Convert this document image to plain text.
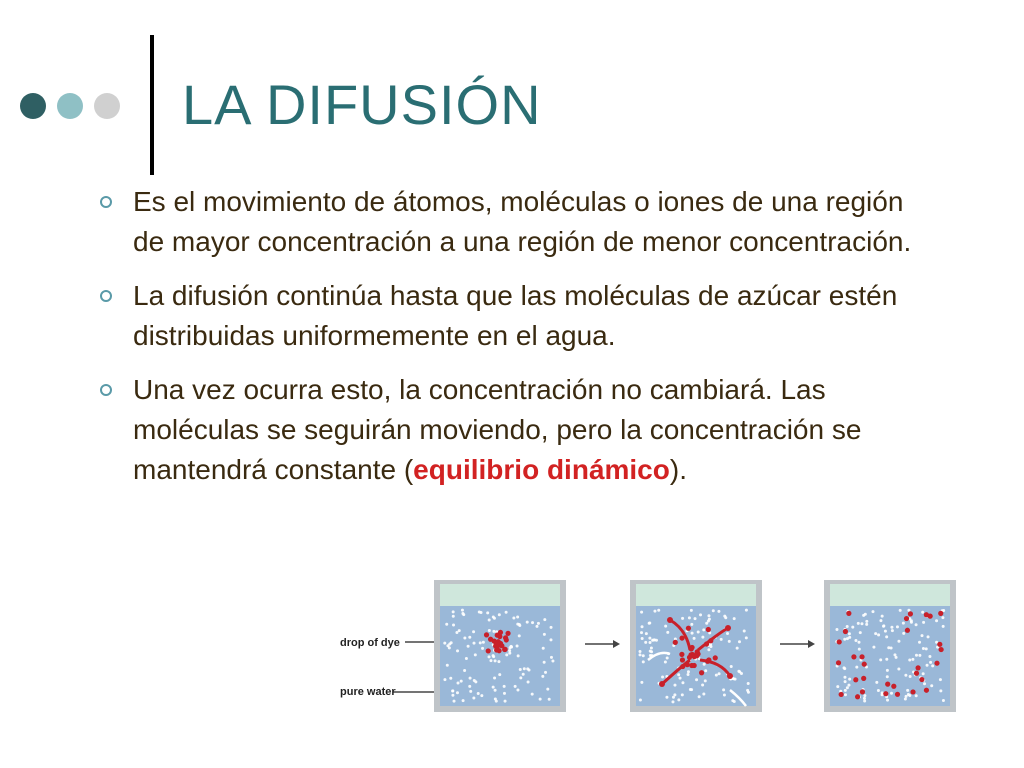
LA DIFUSIÓN
Es el movimiento de átomos, moléculas o iones de una región de mayor concentración a una región de menor concentración.
La difusión continúa hasta que las moléculas de azúcar estén distribuidas uniformemente en el agua.
Una vez ocurra esto, la concentración no cambiará. Las moléculas se seguirán moviendo, pero la concentración se mantendrá constante (equilibrio dinámico).
drop of dye
pure water
